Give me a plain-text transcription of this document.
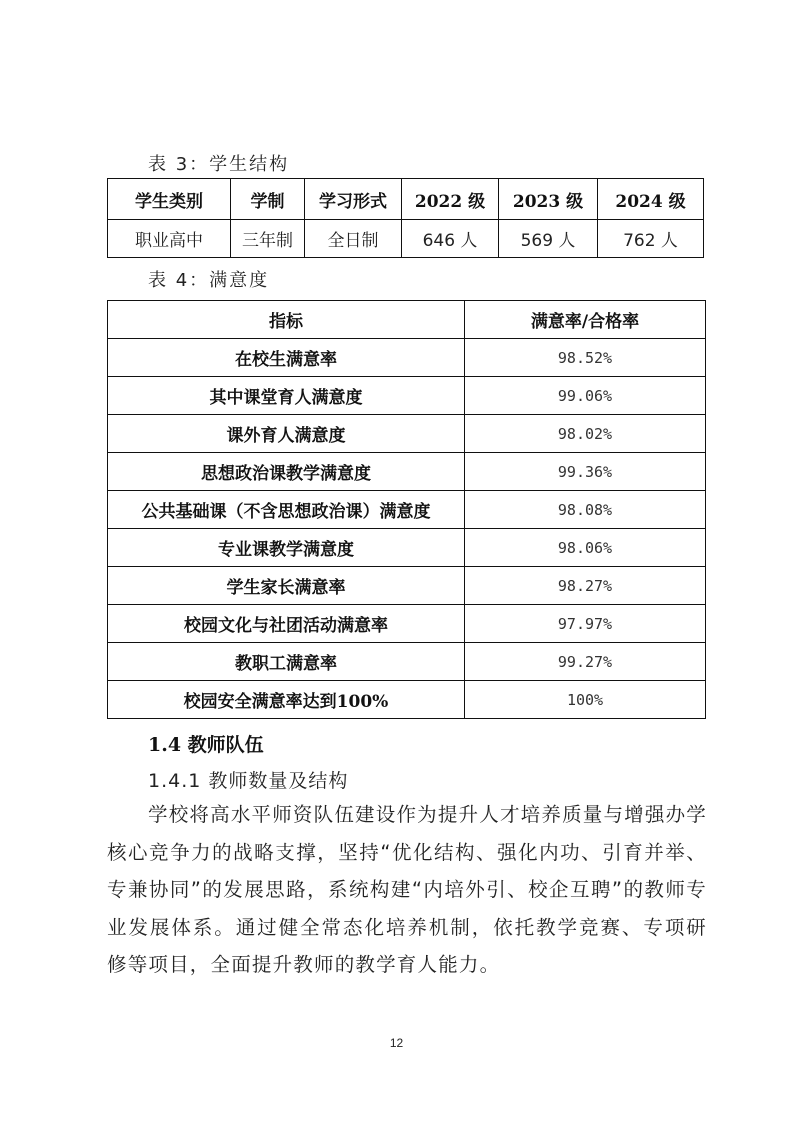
表 3：学生结构
学生类别	学制	学习形式	2022 级	2023 级	2024 级
职业高中	三年制	全日制	646 人	569 人	762 人
表 4：满意度
指标	满意率/合格率
在校生满意率	98.52%
其中课堂育人满意度	99.06%
课外育人满意度	98.02%
思想政治课教学满意度	99.36%
公共基础课（不含思想政治课）满意度	98.08%
专业课教学满意度	98.06%
学生家长满意率	98.27%
校园文化与社团活动满意率	97.97%
教职工满意率	99.27%
校园安全满意率达到100%	100%
1.4 教师队伍
1.4.1 教师数量及结构
学校将高水平师资队伍建设作为提升人才培养质量与增强办学核心竞争力的战略支撑，坚持“优化结构、强化内功、引育并举、专兼协同”的发展思路，系统构建“内培外引、校企互聘”的教师专业发展体系。通过健全常态化培养机制，依托教学竞赛、专项研修等项目，全面提升教师的教学育人能力。
12
